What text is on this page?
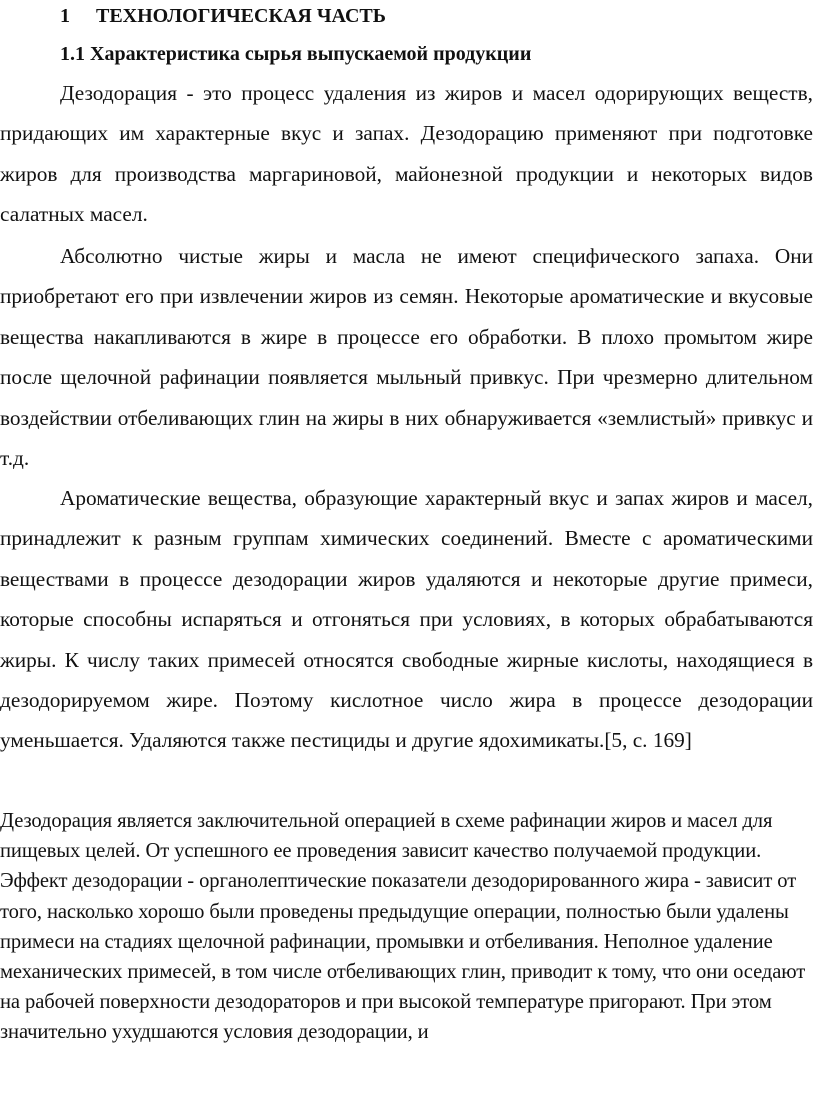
1 ТЕХНОЛОГИЧЕСКАЯ ЧАСТЬ
1.1 Характеристика сырья выпускаемой продукции

Дезодорация - это процесс удаления из жиров и масел одорирующих веществ, придающих им характерные вкус и запах. Дезодорацию применяют при подготовке жиров для производства маргариновой, майонезной продукции и некоторых видов салатных масел.

Абсолютно чистые жиры и масла не имеют специфического запаха. Они приобретают его при извлечении жиров из семян. Некоторые ароматические и вкусовые вещества накапливаются в жире в процессе его обработки. В плохо промытом жире после щелочной рафинации появляется мыльный привкус. При чрезмерно длительном воздействии отбеливающих глин на жиры в них обнаруживается «землистый» привкус и т.д.

Ароматические вещества, образующие характерный вкус и запах жиров и масел, принадлежит к разным группам химических соединений. Вместе с ароматическими веществами в процессе дезодорации жиров удаляются и некоторые другие примеси, которые способны испаряться и отгоняться при условиях, в которых обрабатываются жиры. К числу таких примесей относятся свободные жирные кислоты, находящиеся в дезодорируемом жире. Поэтому кислотное число жира в процессе дезодорации уменьшается. Удаляются также пестициды и другие ядохимикаты.[5, с. 169]

Дезодорация является заключительной операцией в схеме рафинации жиров и масел для пищевых целей. От успешного ее проведения зависит качество получаемой продукции. Эффект дезодорации - органолептические показатели дезодорированного жира - зависит от того, насколько хорошо были проведены предыдущие операции, полностью были удалены примеси на стадиях щелочной рафинации, промывки и отбеливания. Неполное удаление механических примесей, в том числе отбеливающих глин, приводит к тому, что они оседают на рабочей поверхности дезодораторов и при высокой температуре пригорают. При этом значительно ухудшаются условия дезодорации, и
